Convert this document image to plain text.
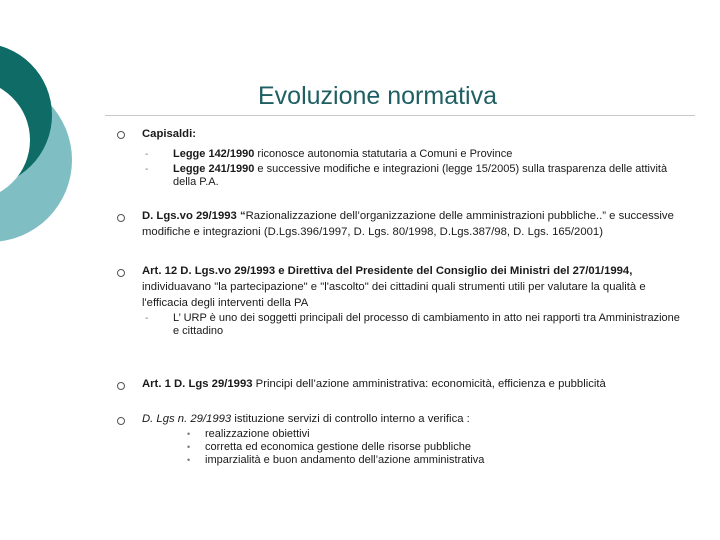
Evoluzione normativa
Capisaldi:
- Legge 142/1990 riconosce autonomia statutaria a Comuni e Province
- Legge 241/1990 e successive modifiche e integrazioni (legge 15/2005) sulla trasparenza delle attività della P.A.
D. Lgs.vo 29/1993 “Razionalizzazione dell’organizzazione delle amministrazioni pubbliche..” e successive modifiche e integrazioni (D.Lgs.396/1997, D. Lgs. 80/1998, D.Lgs.387/98, D. Lgs. 165/2001)
Art. 12 D. Lgs.vo 29/1993 e Direttiva del Presidente del Consiglio dei Ministri del 27/01/1994, individuavano "la partecipazione" e "l'ascolto" dei cittadini quali strumenti utili per valutare la qualità e l'efficacia degli interventi della PA
- L’ URP è uno dei soggetti principali del processo di cambiamento in atto nei rapporti tra Amministrazione e cittadino
Art. 1 D. Lgs 29/1993 Principi dell’azione amministrativa: economicità, efficienza e pubblicità
D. Lgs n. 29/1993 istituzione servizi di controllo interno a verifica :
• realizzazione obiettivi
• corretta ed economica gestione delle risorse pubbliche
• imparzialità e buon andamento dell’azione amministrativa
